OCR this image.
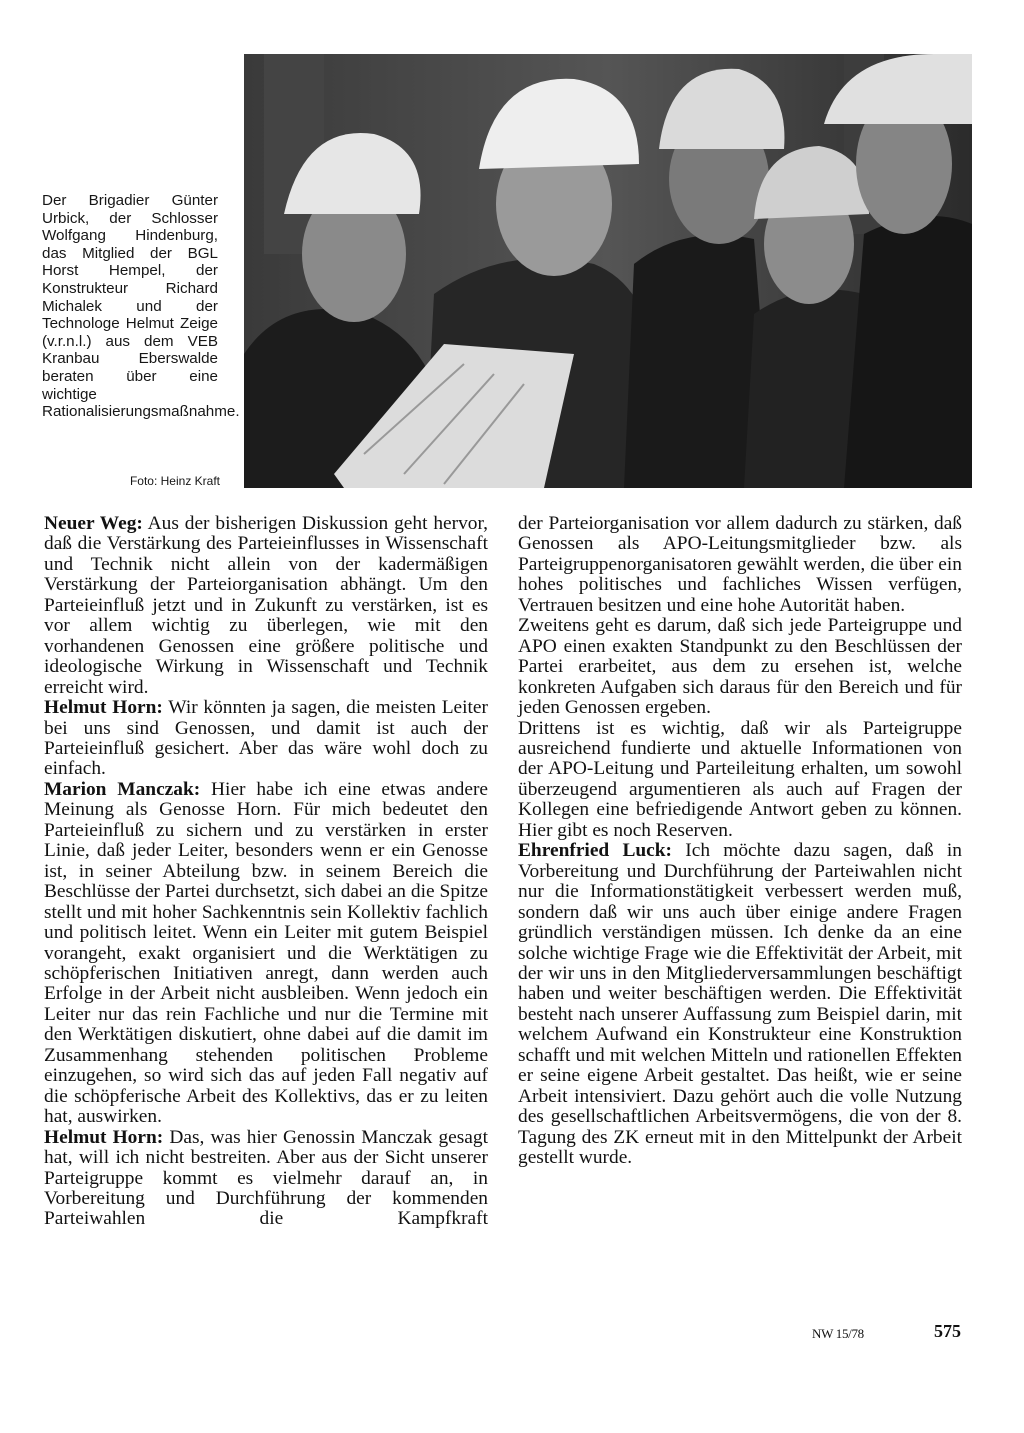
Der Brigadier Günter Urbick, der Schlosser Wolfgang Hindenburg, das Mitglied der BGL Horst Hempel, der Konstrukteur Richard Michalek und der Technologe Helmut Zeige (v.r.n.l.) aus dem VEB Kranbau Eberswalde beraten über eine wichtige Rationalisierungsmaßnahme.
Foto: Heinz Kraft

Neuer Weg: Aus der bisherigen Diskussion geht hervor, daß die Verstärkung des Parteieinflusses in Wissenschaft und Technik nicht allein von der kadermäßigen Verstärkung der Parteiorganisation abhängt. Um den Parteieinfluß jetzt und in Zukunft zu verstärken, ist es vor allem wichtig zu überlegen, wie mit den vorhandenen Genossen eine größere politische und ideologische Wirkung in Wissenschaft und Technik erreicht wird.

Helmut Horn: Wir könnten ja sagen, die meisten Leiter bei uns sind Genossen, und damit ist auch der Parteieinfluß gesichert. Aber das wäre wohl doch zu einfach.

Marion Manczak: Hier habe ich eine etwas andere Meinung als Genosse Horn. Für mich bedeutet den Parteieinfluß zu sichern und zu verstärken in erster Linie, daß jeder Leiter, besonders wenn er ein Genosse ist, in seiner Abteilung bzw. in seinem Bereich die Beschlüsse der Partei durchsetzt, sich dabei an die Spitze stellt und mit hoher Sachkenntnis sein Kollektiv fachlich und politisch leitet. Wenn ein Leiter mit gutem Beispiel vorangeht, exakt organisiert und die Werktätigen zu schöpferischen Initiativen anregt, dann werden auch Erfolge in der Arbeit nicht ausbleiben. Wenn jedoch ein Leiter nur das rein Fachliche und nur die Termine mit den Werktätigen diskutiert, ohne dabei auf die damit im Zusammenhang stehenden politischen Probleme einzugehen, so wird sich das auf jeden Fall negativ auf die schöpferische Arbeit des Kollektivs, das er zu leiten hat, auswirken.

Helmut Horn: Das, was hier Genossin Manczak gesagt hat, will ich nicht bestreiten. Aber aus der Sicht unserer Parteigruppe kommt es vielmehr darauf an, in Vorbereitung und Durchführung der kommenden Parteiwahlen die Kampfkraft

der Parteiorganisation vor allem dadurch zu stärken, daß Genossen als APO-Leitungsmitglieder bzw. als Parteigruppenorganisatoren gewählt werden, die über ein hohes politisches und fachliches Wissen verfügen, Vertrauen besitzen und eine hohe Autorität haben.

Zweitens geht es darum, daß sich jede Parteigruppe und APO einen exakten Standpunkt zu den Beschlüssen der Partei erarbeitet, aus dem zu ersehen ist, welche konkreten Aufgaben sich daraus für den Bereich und für jeden Genossen ergeben.

Drittens ist es wichtig, daß wir als Parteigruppe ausreichend fundierte und aktuelle Informationen von der APO-Leitung und Parteileitung erhalten, um sowohl überzeugend argumentieren als auch auf Fragen der Kollegen eine befriedigende Antwort geben zu können. Hier gibt es noch Reserven.

Ehrenfried Luck: Ich möchte dazu sagen, daß in Vorbereitung und Durchführung der Parteiwahlen nicht nur die Informationstätigkeit verbessert werden muß, sondern daß wir uns auch über einige andere Fragen gründlich verständigen müssen. Ich denke da an eine solche wichtige Frage wie die Effektivität der Arbeit, mit der wir uns in den Mitgliederversammlungen beschäftigt haben und weiter beschäftigen werden. Die Effektivität besteht nach unserer Auffassung zum Beispiel darin, mit welchem Aufwand ein Konstrukteur eine Konstruktion schafft und mit welchen Mitteln und rationellen Effekten er seine eigene Arbeit gestaltet. Das heißt, wie er seine Arbeit intensiviert. Dazu gehört auch die volle Nutzung des gesellschaftlichen Arbeitsvermögens, die von der 8. Tagung des ZK erneut mit in den Mittelpunkt der Arbeit gestellt wurde.

NW 15/78	575
